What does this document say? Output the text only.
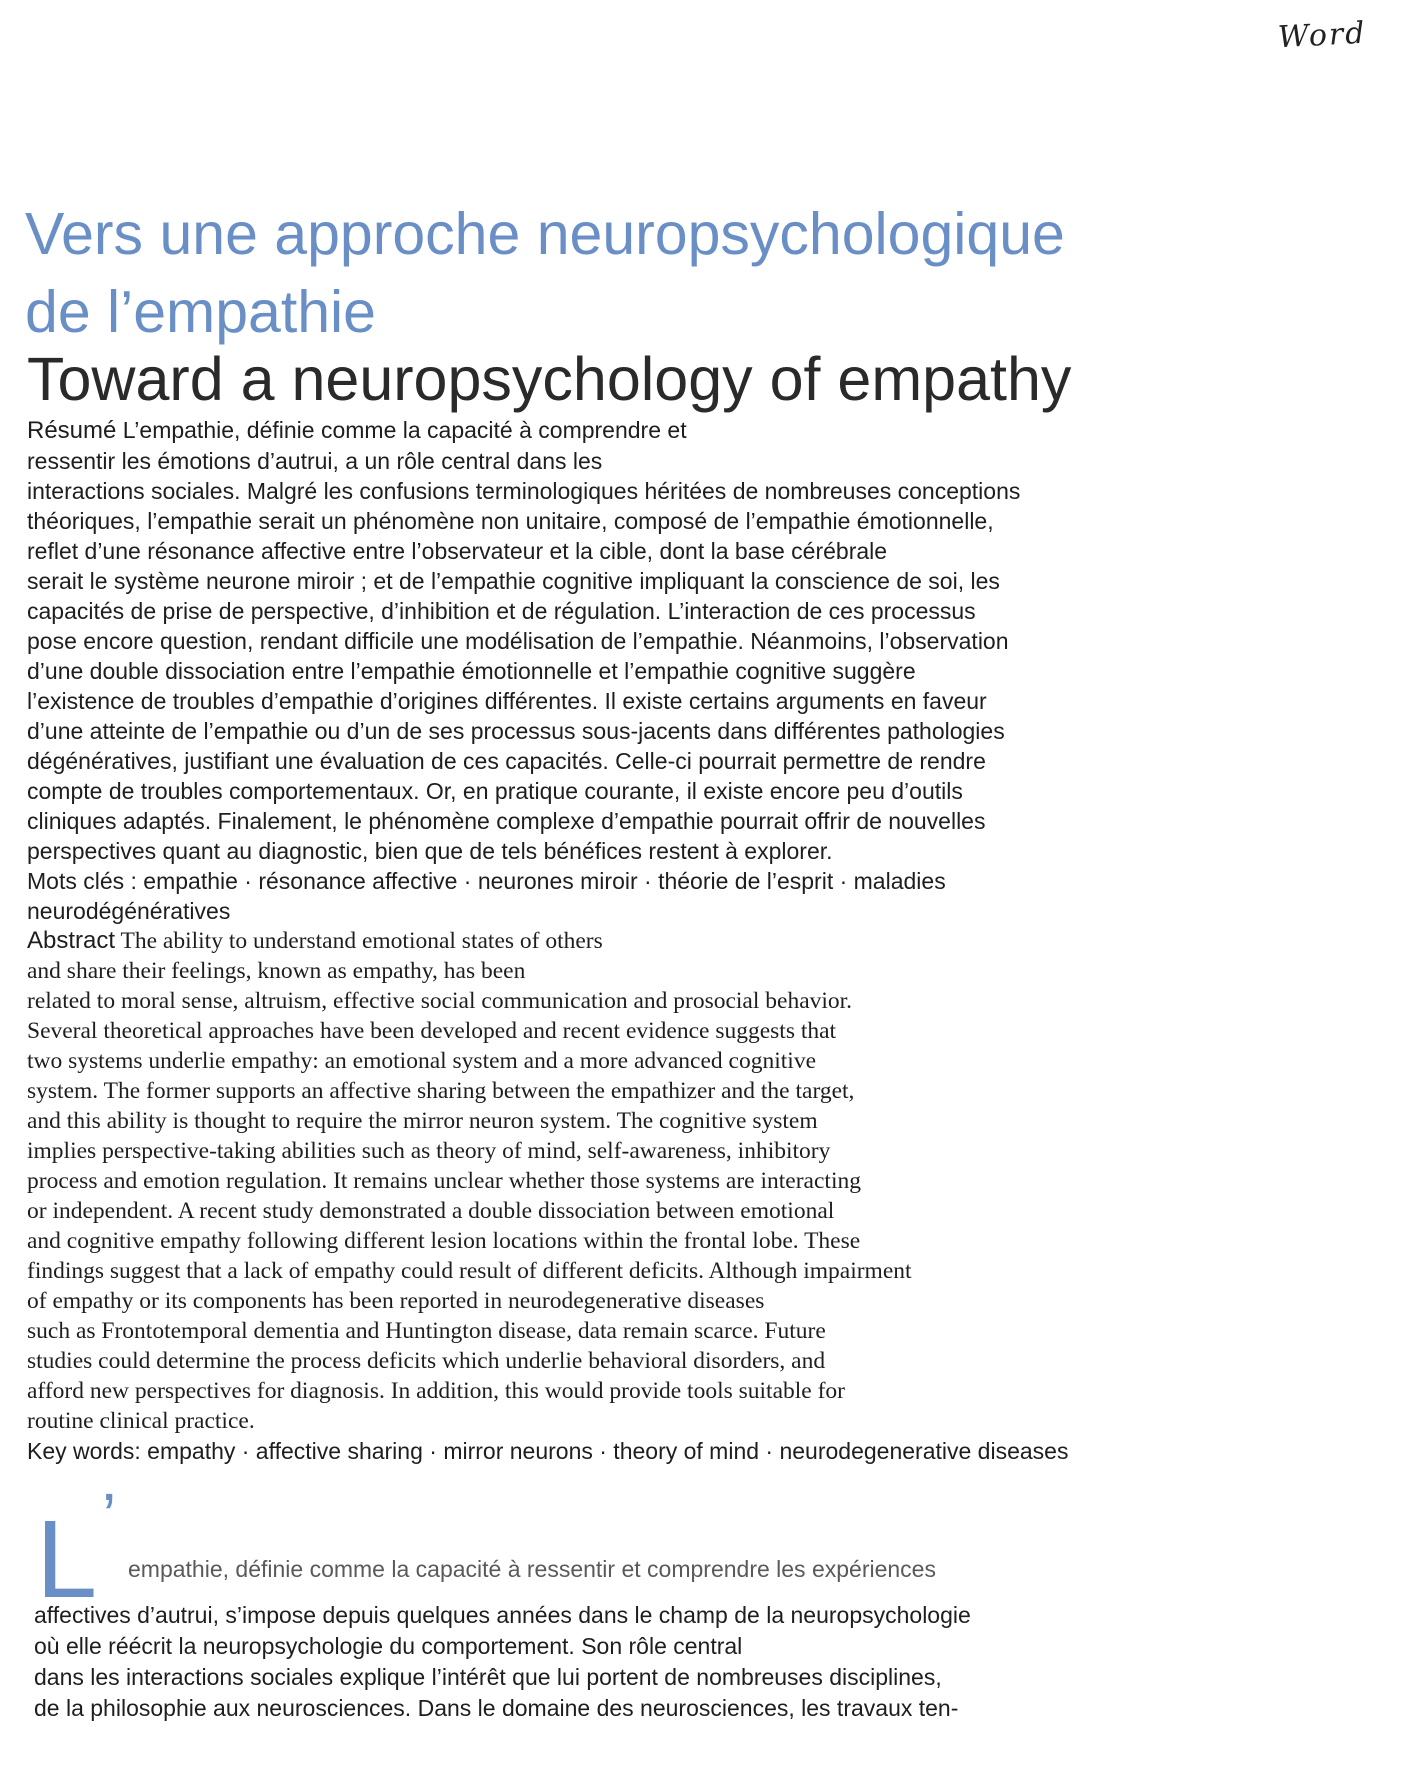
Word
Vers une approche neuropsychologique
de l’empathie
Toward a neuropsychology of empathy
Résumé L’empathie, définie comme la capacité à comprendre et
ressentir les émotions d’autrui, a un rôle central dans les
interactions sociales. Malgré les confusions terminologiques héritées de nombreuses conceptions
théoriques, l’empathie serait un phénomène non unitaire, composé de l’empathie émotionnelle,
reflet d’une résonance affective entre l’observateur et la cible, dont la base cérébrale
serait le système neurone miroir ; et de l’empathie cognitive impliquant la conscience de soi, les
capacités de prise de perspective, d’inhibition et de régulation. L’interaction de ces processus
pose encore question, rendant difficile une modélisation de l’empathie. Néanmoins, l’observation
d’une double dissociation entre l’empathie émotionnelle et l’empathie cognitive suggère
l’existence de troubles d’empathie d’origines différentes. Il existe certains arguments en faveur
d’une atteinte de l’empathie ou d’un de ses processus sous-jacents dans différentes pathologies
dégénératives, justifiant une évaluation de ces capacités. Celle-ci pourrait permettre de rendre
compte de troubles comportementaux. Or, en pratique courante, il existe encore peu d’outils
cliniques adaptés. Finalement, le phénomène complexe d’empathie pourrait offrir de nouvelles
perspectives quant au diagnostic, bien que de tels bénéfices restent à explorer.
Mots clés : empathie · résonance affective · neurones miroir · théorie de l’esprit · maladies
neurodégénératives
Abstract The ability to understand emotional states of others
and share their feelings, known as empathy, has been
related to moral sense, altruism, effective social communication and prosocial behavior.
Several theoretical approaches have been developed and recent evidence suggests that
two systems underlie empathy: an emotional system and a more advanced cognitive
system. The former supports an affective sharing between the empathizer and the target,
and this ability is thought to require the mirror neuron system. The cognitive system
implies perspective-taking abilities such as theory of mind, self-awareness, inhibitory
process and emotion regulation. It remains unclear whether those systems are interacting
or independent. A recent study demonstrated a double dissociation between emotional
and cognitive empathy following different lesion locations within the frontal lobe. These
findings suggest that a lack of empathy could result of different deficits. Although impairment
of empathy or its components has been reported in neurodegenerative diseases
such as Frontotemporal dementia and Huntington disease, data remain scarce. Future
studies could determine the process deficits which underlie behavioral disorders, and
afford new perspectives for diagnosis. In addition, this would provide tools suitable for
routine clinical practice.
Key words: empathy · affective sharing · mirror neurons · theory of mind · neurodegenerative diseases
L ’
empathie, définie comme la capacité à ressentir et comprendre les expériences
affectives d’autrui, s’impose depuis quelques années dans le champ de la neuropsychologie
où elle réécrit la neuropsychologie du comportement. Son rôle central
dans les interactions sociales explique l’intérêt que lui portent de nombreuses disciplines,
de la philosophie aux neurosciences. Dans le domaine des neurosciences, les travaux ten-
